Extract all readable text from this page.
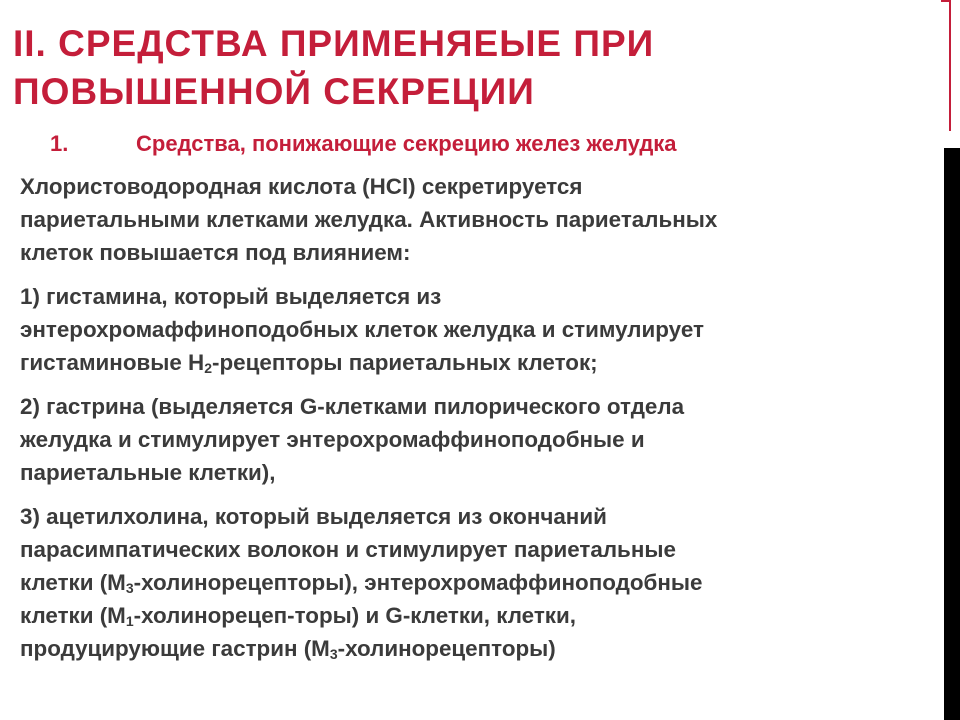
II. СРЕДСТВА ПРИМЕНЯЕЫЕ ПРИ
ПОВЫШЕННОЙ СЕКРЕЦИИ
1.	Средства, понижающие секрецию желез желудка
Хлористоводородная кислота (HCl) секретируется
париетальными клетками желудка. Активность париетальных
клеток повышается под влиянием:
1) гистамина, который выделяется из
энтерохромаффиноподобных клеток желудка и стимулирует
гистаминовые $Н_2$-рецепторы париетальных клеток;
2) гастрина (выделяется G-клетками пилорического отдела
желудка и стимулирует энтерохромаффиноподобные и
париетальные клетки),
3) ацетилхолина, который выделяется из окончаний
парасимпатических волокон и стимулирует париетальные
клетки $(М_3-холинорецепторы)$, энтерохромаффиноподобные
клетки $(М_1-холинорецеп-торы)$ и G-клетки, клетки,
продуцирующие гастрин $(М_3-холинорецепторы)$
